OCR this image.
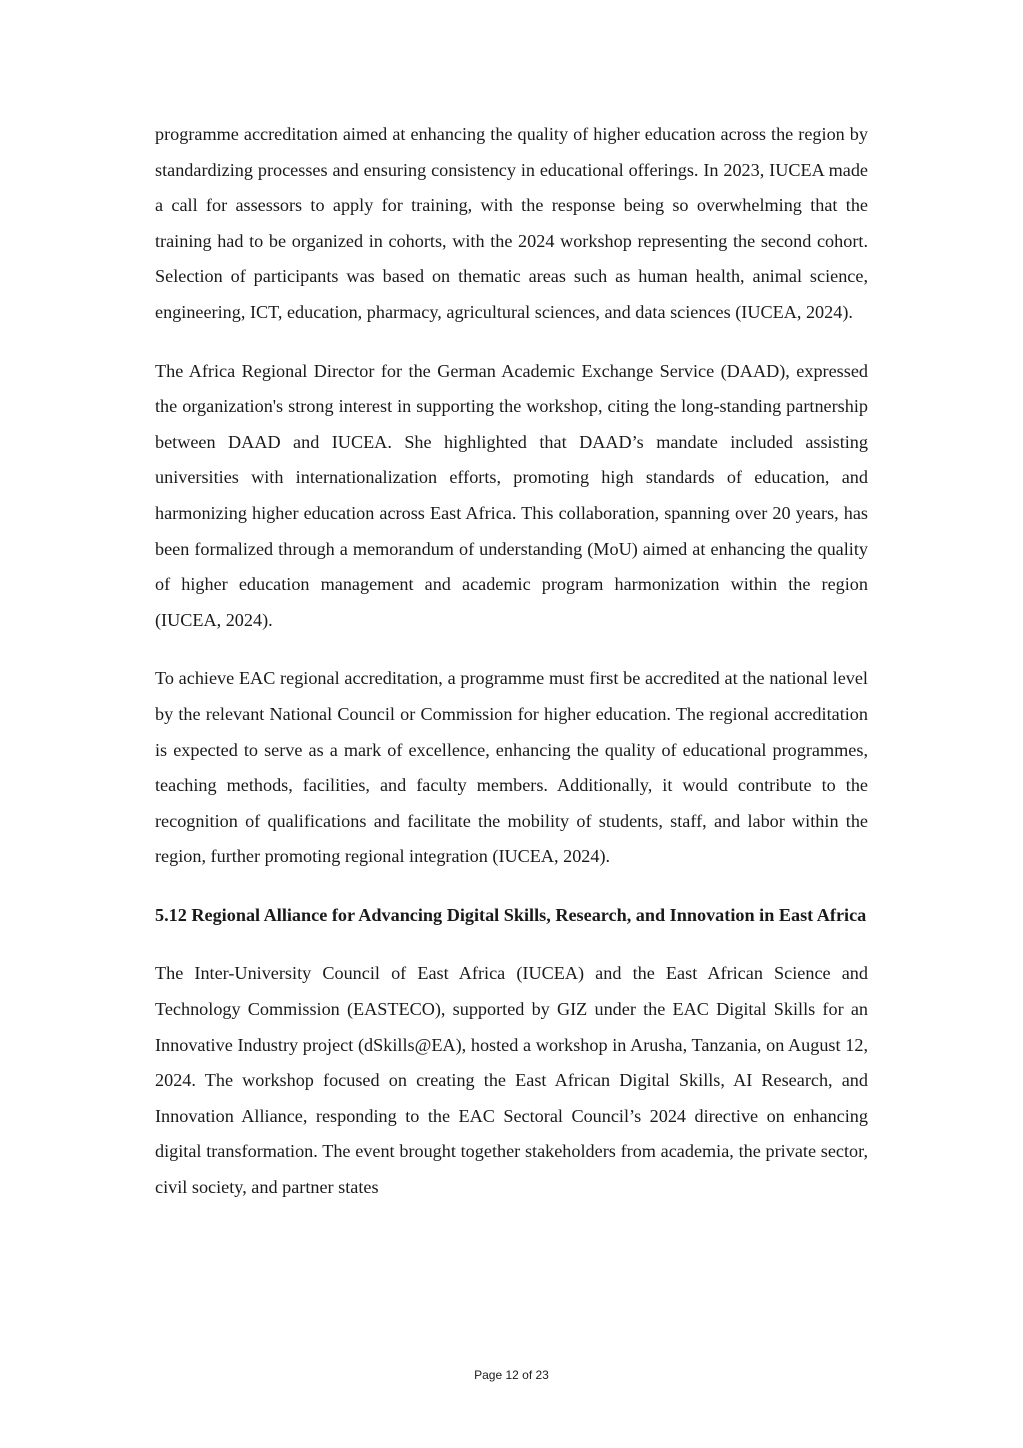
programme accreditation aimed at enhancing the quality of higher education across the region by standardizing processes and ensuring consistency in educational offerings. In 2023, IUCEA made a call for assessors to apply for training, with the response being so overwhelming that the training had to be organized in cohorts, with the 2024 workshop representing the second cohort. Selection of participants was based on thematic areas such as human health, animal science, engineering, ICT, education, pharmacy, agricultural sciences, and data sciences (IUCEA, 2024).

The Africa Regional Director for the German Academic Exchange Service (DAAD), expressed the organization's strong interest in supporting the workshop, citing the long-standing partnership between DAAD and IUCEA. She highlighted that DAAD’s mandate included assisting universities with internationalization efforts, promoting high standards of education, and harmonizing higher education across East Africa. This collaboration, spanning over 20 years, has been formalized through a memorandum of understanding (MoU) aimed at enhancing the quality of higher education management and academic program harmonization within the region (IUCEA, 2024).

To achieve EAC regional accreditation, a programme must first be accredited at the national level by the relevant National Council or Commission for higher education. The regional accreditation is expected to serve as a mark of excellence, enhancing the quality of educational programmes, teaching methods, facilities, and faculty members. Additionally, it would contribute to the recognition of qualifications and facilitate the mobility of students, staff, and labor within the region, further promoting regional integration (IUCEA, 2024).

5.12 Regional Alliance for Advancing Digital Skills, Research, and Innovation in East Africa

The Inter-University Council of East Africa (IUCEA) and the East African Science and Technology Commission (EASTECO), supported by GIZ under the EAC Digital Skills for an Innovative Industry project (dSkills@EA), hosted a workshop in Arusha, Tanzania, on August 12, 2024. The workshop focused on creating the East African Digital Skills, AI Research, and Innovation Alliance, responding to the EAC Sectoral Council’s 2024 directive on enhancing digital transformation. The event brought together stakeholders from academia, the private sector, civil society, and partner states

Page 12 of 23
